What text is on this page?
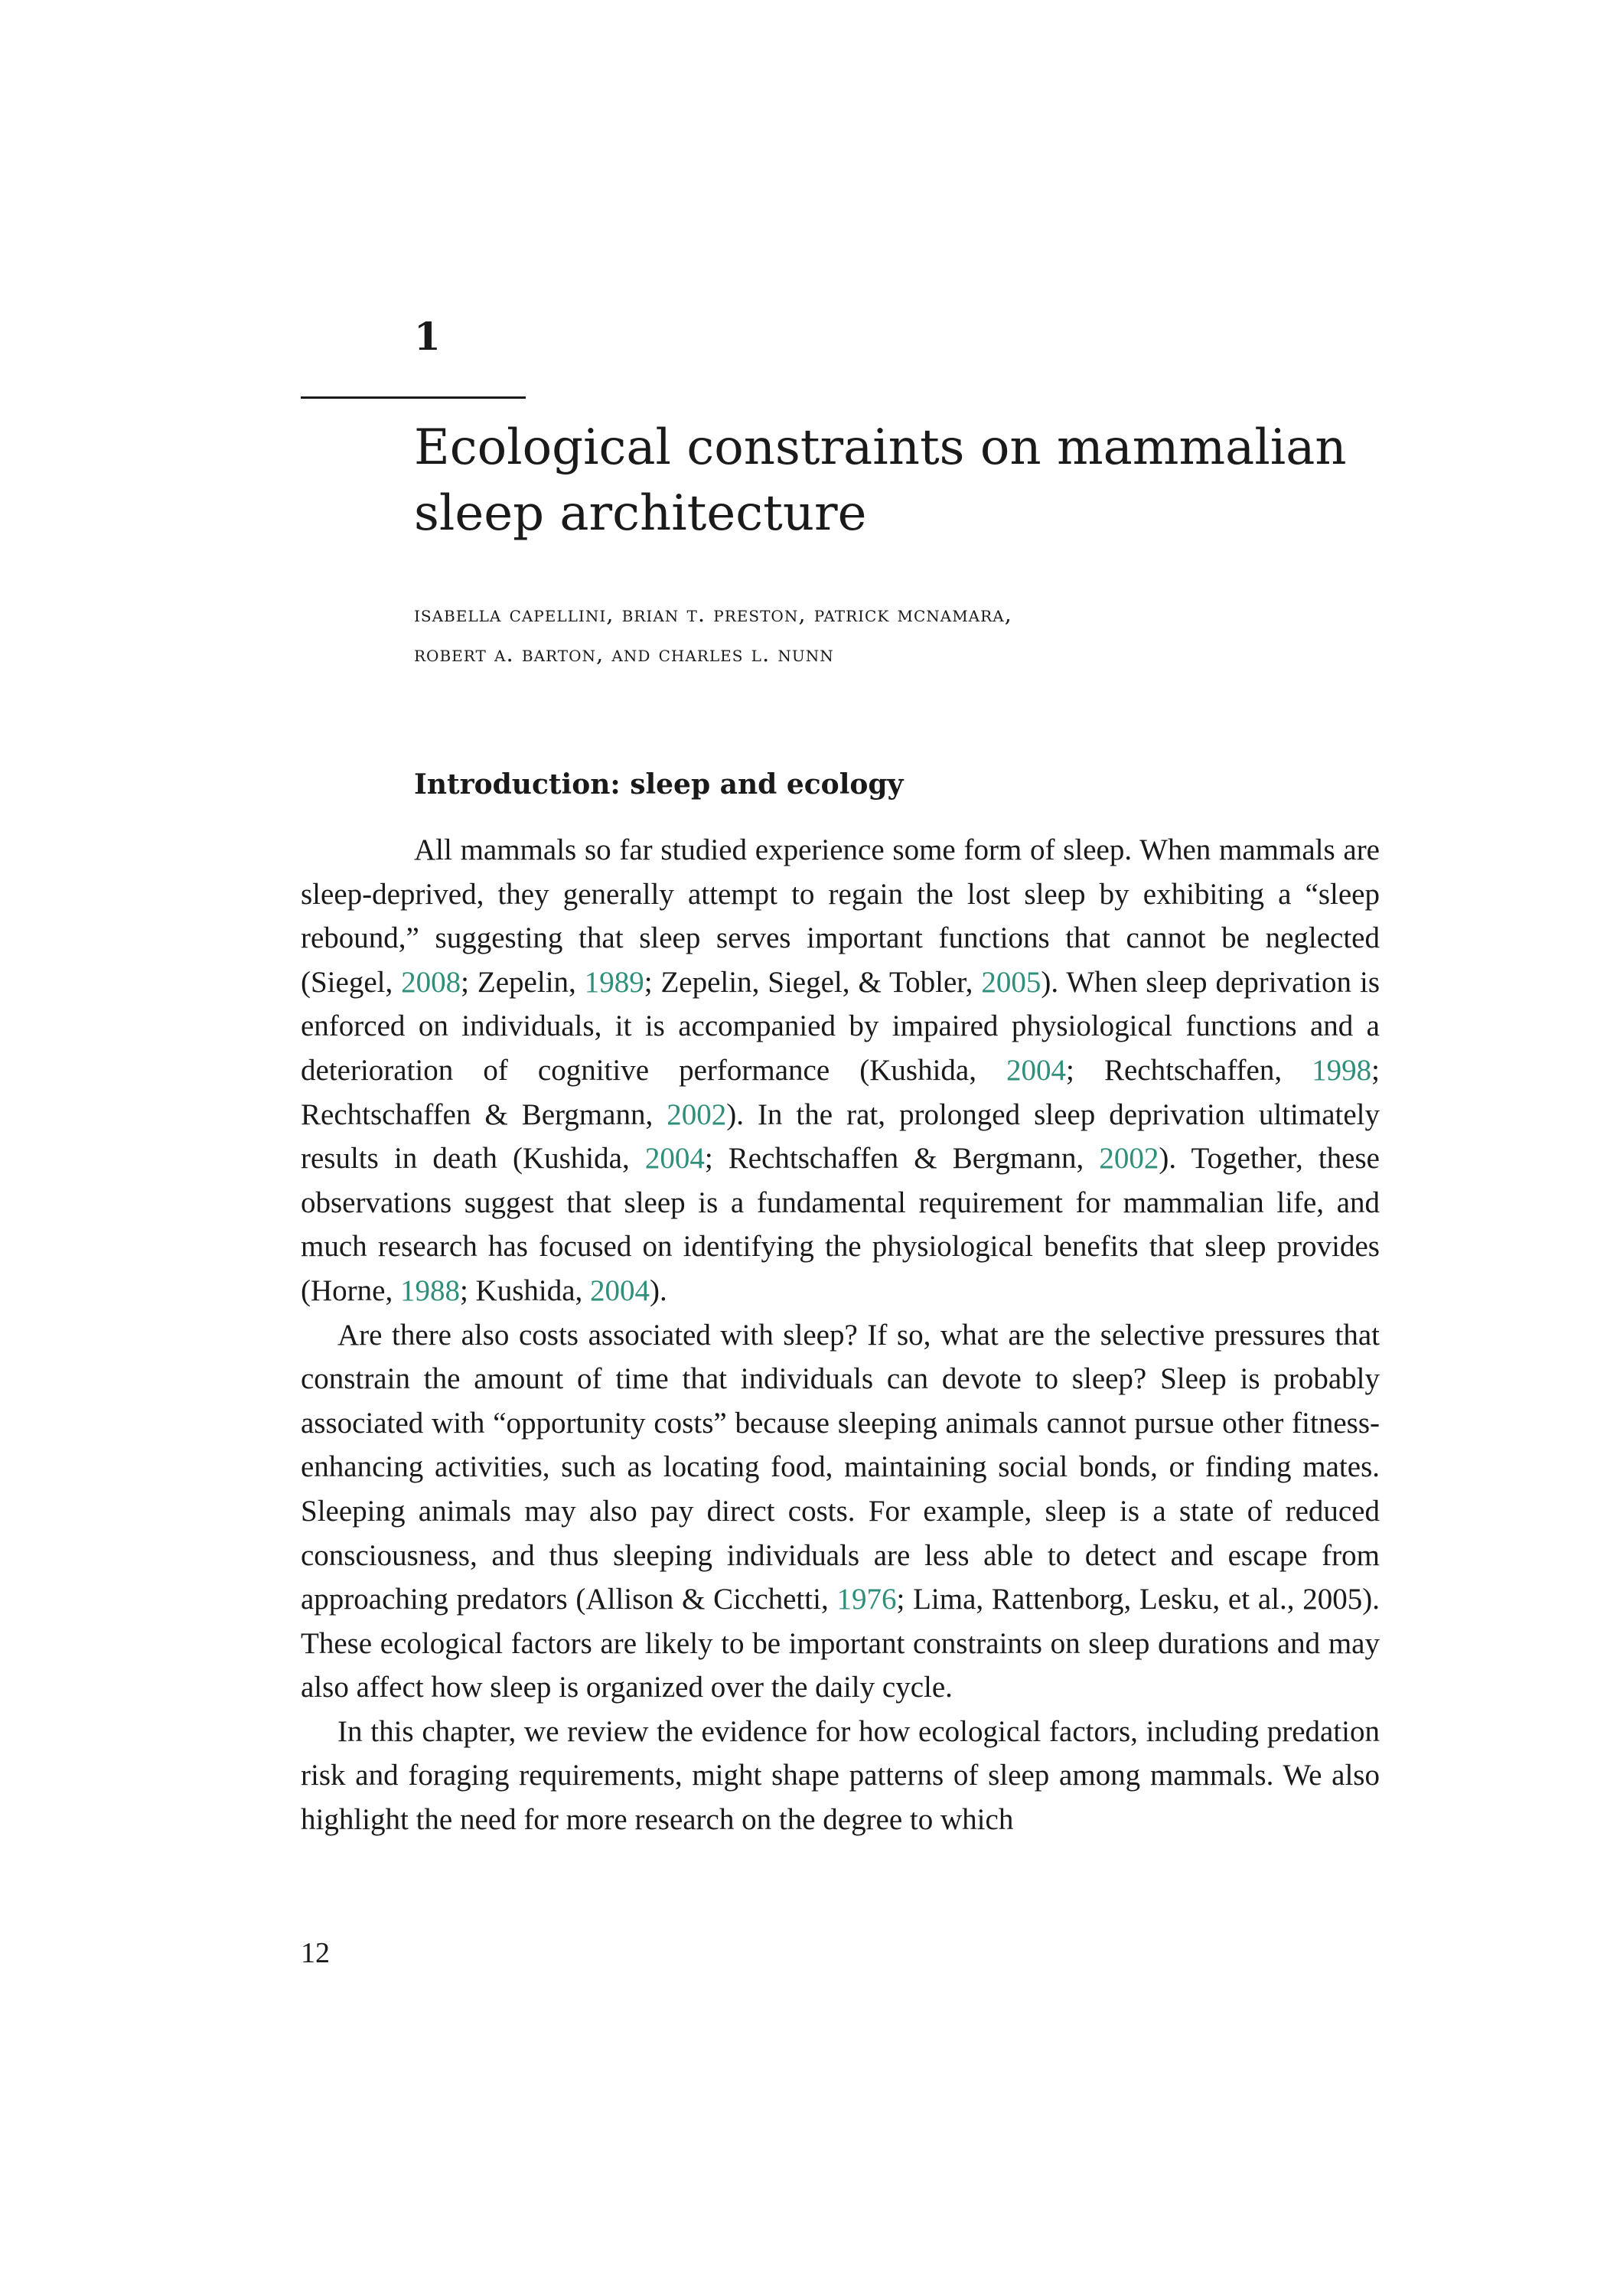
1
Ecological constraints on mammalian
sleep architecture
isabella capellini, brian t. preston, patrick mcnamara,
robert a. barton, and charles l. nunn
Introduction: sleep and ecology

All mammals so far studied experience some form of sleep. When mammals are sleep-deprived, they generally attempt to regain the lost sleep by exhibiting a “sleep rebound,” suggesting that sleep serves important functions that cannot be neglected (Siegel, 2008; Zepelin, 1989; Zepelin, Siegel, & Tobler, 2005). When sleep deprivation is enforced on individuals, it is accompanied by impaired physiological functions and a deterioration of cognitive performance (Kushida, 2004; Rechtschaffen, 1998; Rechtschaffen & Bergmann, 2002). In the rat, prolonged sleep deprivation ultimately results in death (Kushida, 2004; Rechtschaffen & Bergmann, 2002). Together, these observations suggest that sleep is a fundamental requirement for mammalian life, and much research has focused on identifying the physiological benefits that sleep provides (Horne, 1988; Kushida, 2004).

Are there also costs associated with sleep? If so, what are the selective pressures that constrain the amount of time that individuals can devote to sleep? Sleep is probably associated with “opportunity costs” because sleeping animals cannot pursue other fitness-enhancing activities, such as locating food, maintaining social bonds, or finding mates. Sleeping animals may also pay direct costs. For example, sleep is a state of reduced consciousness, and thus sleeping individuals are less able to detect and escape from approaching predators (Allison & Cicchetti, 1976; Lima, Rattenborg, Lesku, et al., 2005). These ecological factors are likely to be important constraints on sleep durations and may also affect how sleep is organized over the daily cycle.

In this chapter, we review the evidence for how ecological factors, including predation risk and foraging requirements, might shape patterns of sleep among mammals. We also highlight the need for more research on the degree to which

12
